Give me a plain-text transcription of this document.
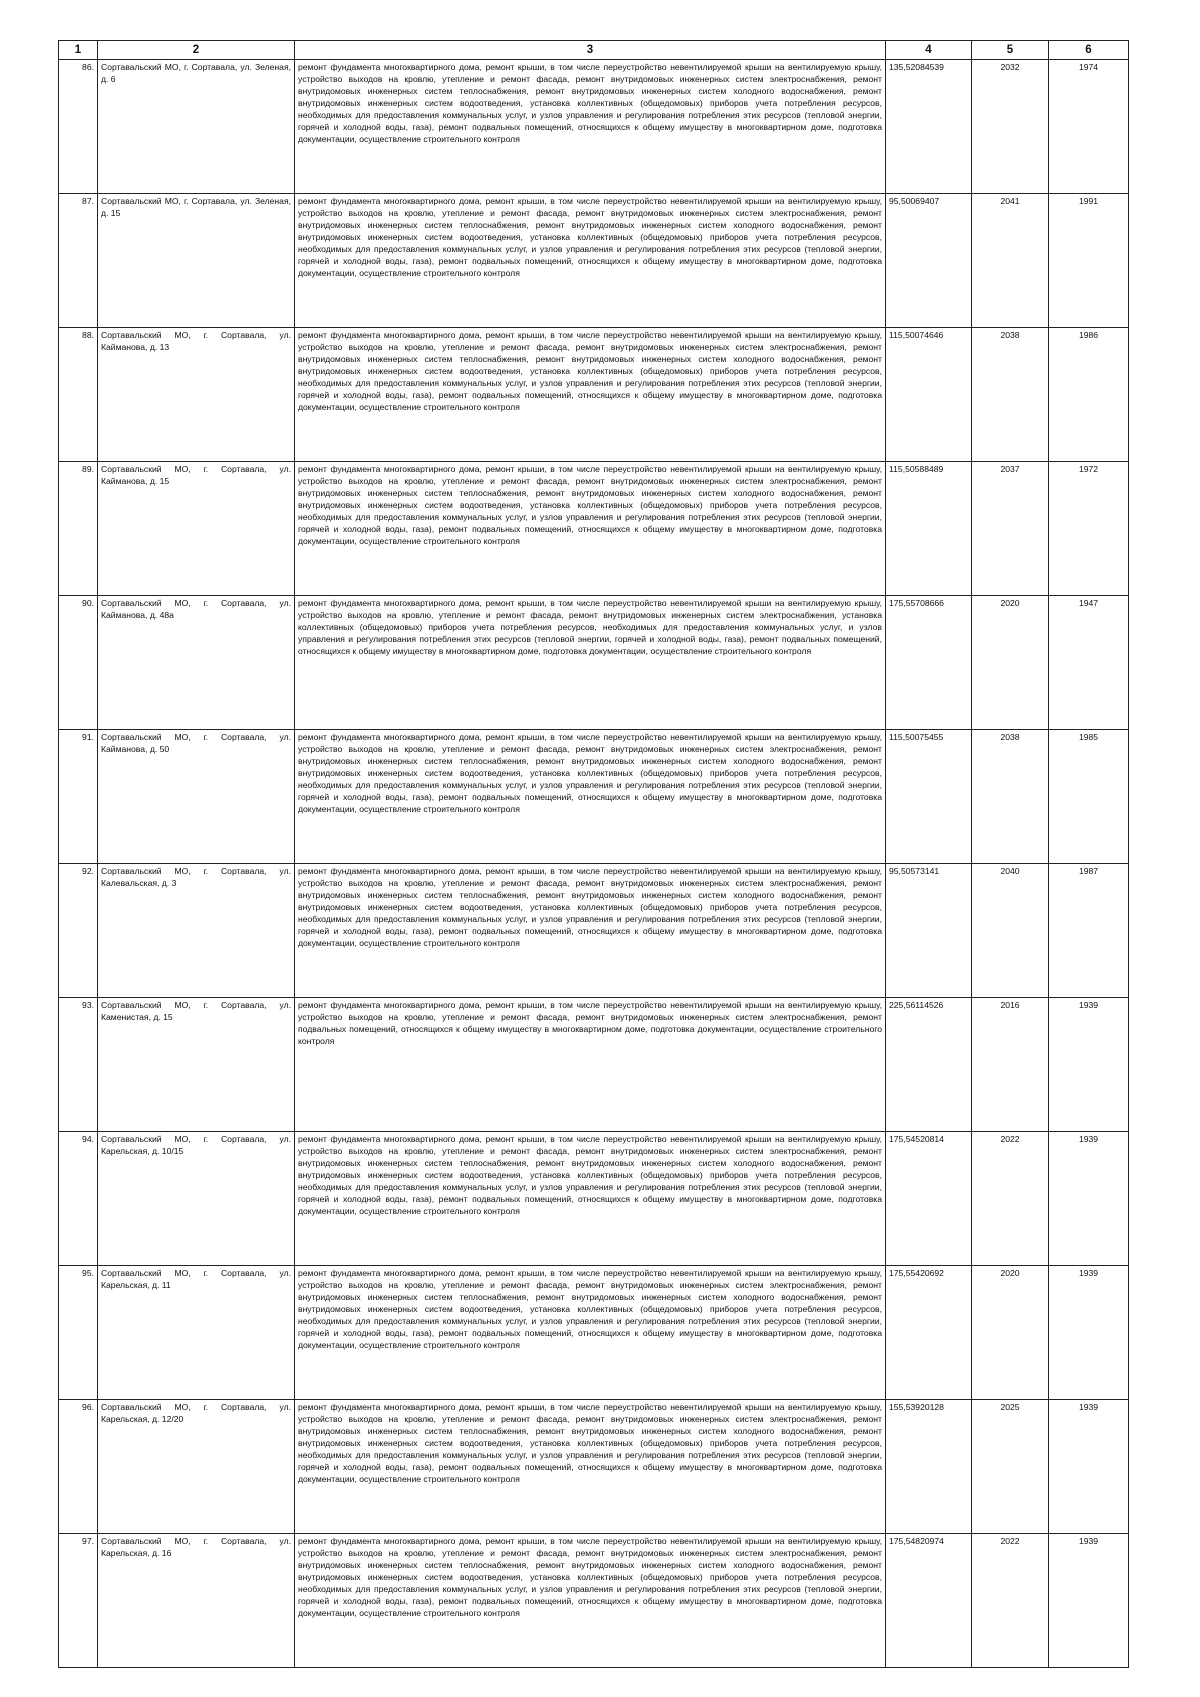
1	2	3	4	5	6
86.	Сортавальский МО, г. Сортавала, ул. Зеленая, д. 6	ремонт фундамента многоквартирного дома, ремонт крыши, в том числе переустройство невентилируемой крыши на вентилируемую крышу, устройство выходов на кровлю, утепление и ремонт фасада, ремонт внутридомовых инженерных систем электроснабжения, ремонт внутридомовых инженерных систем теплоснабжения, ремонт внутридомовых инженерных систем холодного водоснабжения, ремонт внутридомовых инженерных систем водоотведения, установка коллективных (общедомовых) приборов учета потребления ресурсов, необходимых для предоставления коммунальных услуг, и узлов управления и регулирования потребления этих ресурсов (тепловой энергии, горячей и холодной воды, газа), ремонт подвальных помещений, относящихся к общему имуществу в многоквартирном доме, подготовка документации, осуществление строительного контроля	135,52084539	2032	1974
87.	Сортавальский МО, г. Сортавала, ул. Зеленая, д. 15	ремонт фундамента многоквартирного дома, ремонт крыши, в том числе переустройство невентилируемой крыши на вентилируемую крышу, устройство выходов на кровлю, утепление и ремонт фасада, ремонт внутридомовых инженерных систем электроснабжения, ремонт внутридомовых инженерных систем теплоснабжения, ремонт внутридомовых инженерных систем холодного водоснабжения, ремонт внутридомовых инженерных систем водоотведения, установка коллективных (общедомовых) приборов учета потребления ресурсов, необходимых для предоставления коммунальных услуг, и узлов управления и регулирования потребления этих ресурсов (тепловой энергии, горячей и холодной воды, газа), ремонт подвальных помещений, относящихся к общему имуществу в многоквартирном доме, подготовка документации, осуществление строительного контроля	95,50069407	2041	1991
88.	Сортавальский МО, г. Сортавала, ул. Кайманова, д. 13	ремонт фундамента многоквартирного дома, ремонт крыши, в том числе переустройство невентилируемой крыши на вентилируемую крышу, устройство выходов на кровлю, утепление и ремонт фасада, ремонт внутридомовых инженерных систем электроснабжения, ремонт внутридомовых инженерных систем теплоснабжения, ремонт внутридомовых инженерных систем холодного водоснабжения, ремонт внутридомовых инженерных систем водоотведения, установка коллективных (общедомовых) приборов учета потребления ресурсов, необходимых для предоставления коммунальных услуг, и узлов управления и регулирования потребления этих ресурсов (тепловой энергии, горячей и холодной воды, газа), ремонт подвальных помещений, относящихся к общему имуществу в многоквартирном доме, подготовка документации, осуществление строительного контроля	115,50074646	2038	1986
89.	Сортавальский МО, г. Сортавала, ул. Кайманова, д. 15	ремонт фундамента многоквартирного дома, ремонт крыши, в том числе переустройство невентилируемой крыши на вентилируемую крышу, устройство выходов на кровлю, утепление и ремонт фасада, ремонт внутридомовых инженерных систем электроснабжения, ремонт внутридомовых инженерных систем теплоснабжения, ремонт внутридомовых инженерных систем холодного водоснабжения, ремонт внутридомовых инженерных систем водоотведения, установка коллективных (общедомовых) приборов учета потребления ресурсов, необходимых для предоставления коммунальных услуг, и узлов управления и регулирования потребления этих ресурсов (тепловой энергии, горячей и холодной воды, газа), ремонт подвальных помещений, относящихся к общему имуществу в многоквартирном доме, подготовка документации, осуществление строительного контроля	115,50588489	2037	1972
90.	Сортавальский МО, г. Сортавала, ул. Кайманова, д. 48а	ремонт фундамента многоквартирного дома, ремонт крыши, в том числе переустройство невентилируемой крыши на вентилируемую крышу, устройство выходов на кровлю, утепление и ремонт фасада, ремонт внутридомовых инженерных систем электроснабжения, установка коллективных (общедомовых) приборов учета потребления ресурсов, необходимых для предоставления коммунальных услуг, и узлов управления и регулирования потребления этих ресурсов (тепловой энергии, горячей и холодной воды, газа), ремонт подвальных помещений, относящихся к общему имуществу в многоквартирном доме, подготовка документации, осуществление строительного контроля	175,55708666	2020	1947
91.	Сортавальский МО, г. Сортавала, ул. Кайманова, д. 50	ремонт фундамента многоквартирного дома, ремонт крыши, в том числе переустройство невентилируемой крыши на вентилируемую крышу, устройство выходов на кровлю, утепление и ремонт фасада, ремонт внутридомовых инженерных систем электроснабжения, ремонт внутридомовых инженерных систем теплоснабжения, ремонт внутридомовых инженерных систем холодного водоснабжения, ремонт внутридомовых инженерных систем водоотведения, установка коллективных (общедомовых) приборов учета потребления ресурсов, необходимых для предоставления коммунальных услуг, и узлов управления и регулирования потребления этих ресурсов (тепловой энергии, горячей и холодной воды, газа), ремонт подвальных помещений, относящихся к общему имуществу в многоквартирном доме, подготовка документации, осуществление строительного контроля	115,50075455	2038	1985
92.	Сортавальский МО, г. Сортавала, ул. Калевальская, д. 3	ремонт фундамента многоквартирного дома, ремонт крыши, в том числе переустройство невентилируемой крыши на вентилируемую крышу, устройство выходов на кровлю, утепление и ремонт фасада, ремонт внутридомовых инженерных систем электроснабжения, ремонт внутридомовых инженерных систем теплоснабжения, ремонт внутридомовых инженерных систем холодного водоснабжения, ремонт внутридомовых инженерных систем водоотведения, установка коллективных (общедомовых) приборов учета потребления ресурсов, необходимых для предоставления коммунальных услуг, и узлов управления и регулирования потребления этих ресурсов (тепловой энергии, горячей и холодной воды, газа), ремонт подвальных помещений, относящихся к общему имуществу в многоквартирном доме, подготовка документации, осуществление строительного контроля	95,50573141	2040	1987
93.	Сортавальский МО, г. Сортавала, ул. Каменистая, д. 15	ремонт фундамента многоквартирного дома, ремонт крыши, в том числе переустройство невентилируемой крыши на вентилируемую крышу, устройство выходов на кровлю, утепление и ремонт фасада, ремонт внутридомовых инженерных систем электроснабжения, ремонт подвальных помещений, относящихся к общему имуществу в многоквартирном доме, подготовка документации, осуществление строительного контроля	225,56114526	2016	1939
94.	Сортавальский МО, г. Сортавала, ул. Карельская, д. 10/15	ремонт фундамента многоквартирного дома, ремонт крыши, в том числе переустройство невентилируемой крыши на вентилируемую крышу, устройство выходов на кровлю, утепление и ремонт фасада, ремонт внутридомовых инженерных систем электроснабжения, ремонт внутридомовых инженерных систем теплоснабжения, ремонт внутридомовых инженерных систем холодного водоснабжения, ремонт внутридомовых инженерных систем водоотведения, установка коллективных (общедомовых) приборов учета потребления ресурсов, необходимых для предоставления коммунальных услуг, и узлов управления и регулирования потребления этих ресурсов (тепловой энергии, горячей и холодной воды, газа), ремонт подвальных помещений, относящихся к общему имуществу в многоквартирном доме, подготовка документации, осуществление строительного контроля	175,54520814	2022	1939
95.	Сортавальский МО, г. Сортавала, ул. Карельская, д. 11	ремонт фундамента многоквартирного дома, ремонт крыши, в том числе переустройство невентилируемой крыши на вентилируемую крышу, устройство выходов на кровлю, утепление и ремонт фасада, ремонт внутридомовых инженерных систем электроснабжения, ремонт внутридомовых инженерных систем теплоснабжения, ремонт внутридомовых инженерных систем холодного водоснабжения, ремонт внутридомовых инженерных систем водоотведения, установка коллективных (общедомовых) приборов учета потребления ресурсов, необходимых для предоставления коммунальных услуг, и узлов управления и регулирования потребления этих ресурсов (тепловой энергии, горячей и холодной воды, газа), ремонт подвальных помещений, относящихся к общему имуществу в многоквартирном доме, подготовка документации, осуществление строительного контроля	175,55420692	2020	1939
96.	Сортавальский МО, г. Сортавала, ул. Карельская, д. 12/20	ремонт фундамента многоквартирного дома, ремонт крыши, в том числе переустройство невентилируемой крыши на вентилируемую крышу, устройство выходов на кровлю, утепление и ремонт фасада, ремонт внутридомовых инженерных систем электроснабжения, ремонт внутридомовых инженерных систем теплоснабжения, ремонт внутридомовых инженерных систем холодного водоснабжения, ремонт внутридомовых инженерных систем водоотведения, установка коллективных (общедомовых) приборов учета потребления ресурсов, необходимых для предоставления коммунальных услуг, и узлов управления и регулирования потребления этих ресурсов (тепловой энергии, горячей и холодной воды, газа), ремонт подвальных помещений, относящихся к общему имуществу в многоквартирном доме, подготовка документации, осуществление строительного контроля	155,53920128	2025	1939
97.	Сортавальский МО, г. Сортавала, ул. Карельская, д. 16	ремонт фундамента многоквартирного дома, ремонт крыши, в том числе переустройство невентилируемой крыши на вентилируемую крышу, устройство выходов на кровлю, утепление и ремонт фасада, ремонт внутридомовых инженерных систем электроснабжения, ремонт внутридомовых инженерных систем теплоснабжения, ремонт внутридомовых инженерных систем холодного водоснабжения, ремонт внутридомовых инженерных систем водоотведения, установка коллективных (общедомовых) приборов учета потребления ресурсов, необходимых для предоставления коммунальных услуг, и узлов управления и регулирования потребления этих ресурсов (тепловой энергии, горячей и холодной воды, газа), ремонт подвальных помещений, относящихся к общему имуществу в многоквартирном доме, подготовка документации, осуществление строительного контроля	175,54820974	2022	1939
